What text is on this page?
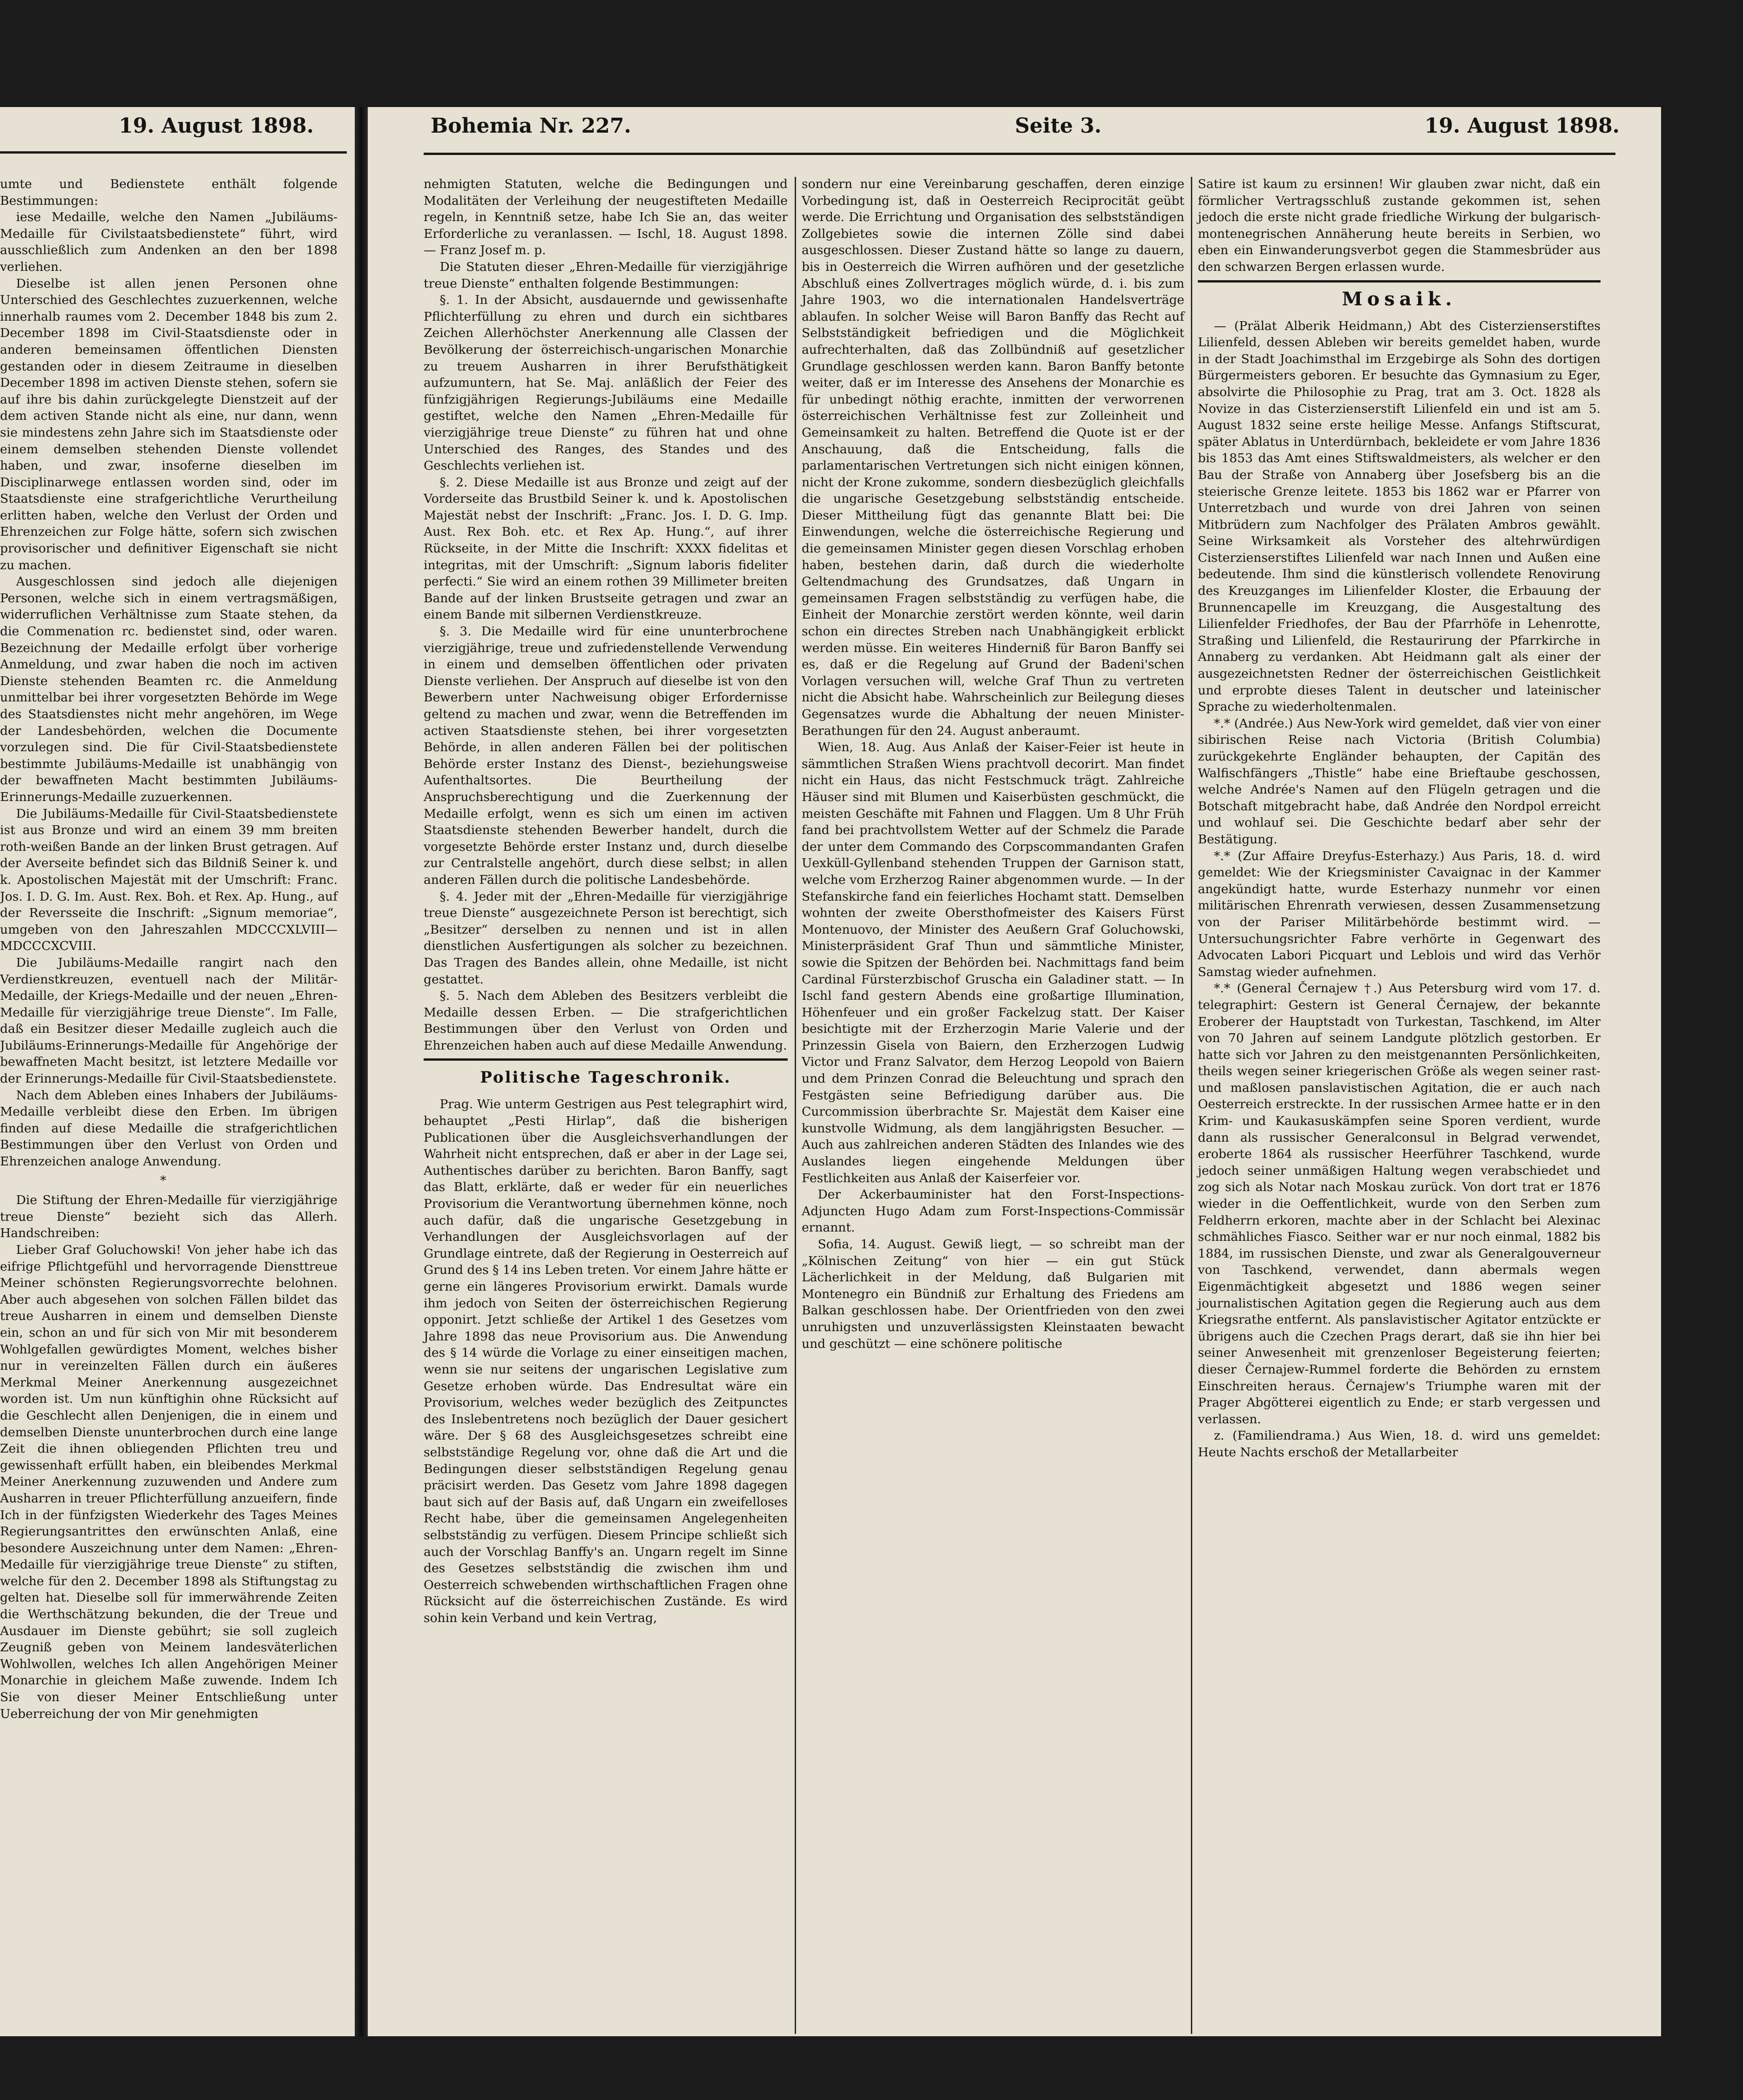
19. August 1898.

umte und Bedienstete enthält folgende Bestimmungen:

iese Medaille, welche den Namen „Jubiläums-Medaille für Civilstaatsbedienstete“ führt, wird ausschließlich zum Andenken an den ber 1898 verliehen.

Dieselbe ist allen jenen Personen ohne Unterschied des Geschlechtes zuzuerkennen, welche innerhalb raumes vom 2. December 1848 bis zum 2. December 1898 im Civil-Staatsdienste oder in anderen bemeinsamen öffentlichen Diensten gestanden oder in diesem Zeitraume in dieselben December 1898 im activen Dienste stehen, sofern sie auf ihre bis dahin zurückgelegte Dienstzeit auf der dem activen Stande nicht als eine, nur dann, wenn sie mindestens zehn Jahre sich im Staatsdienste oder einem demselben stehenden Dienste vollendet haben, und zwar, insoferne dieselben im Disciplinarwege entlassen worden sind, oder im Staatsdienste eine strafgerichtliche Verurtheilung erlitten haben, welche den Verlust der Orden und Ehrenzeichen zur Folge hätte, sofern sich zwischen provisorischer und definitiver Eigenschaft sie nicht zu machen.

Ausgeschlossen sind jedoch alle diejenigen Personen, welche sich in einem vertragsmäßigen, widerruflichen Verhältnisse zum Staate stehen, da die Commenation rc. bedienstet sind, oder waren. Bezeichnung der Medaille erfolgt über vorherige Anmeldung, und zwar haben die noch im activen Dienste stehenden Beamten rc. die Anmeldung unmittelbar bei ihrer vorgesetzten Behörde im Wege des Staatsdienstes nicht mehr angehören, im Wege der Landesbehörden, welchen die Documente vorzulegen sind. Die für Civil-Staatsbedienstete bestimmte Jubiläums-Medaille ist unabhängig von der bewaffneten Macht bestimmten Jubiläums-Erinnerungs-Medaille zuzuerkennen.

Die Jubiläums-Medaille für Civil-Staatsbedienstete ist aus Bronze und wird an einem 39 mm breiten roth-weißen Bande an der linken Brust getragen. Auf der Averseite befindet sich das Bildniß Seiner k. und k. Apostolischen Majestät mit der Umschrift: Franc. Jos. I. D. G. Im. Aust. Rex. Boh. et Rex. Ap. Hung., auf der Reversseite die Inschrift: „Signum memoriae“, umgeben von den Jahreszahlen MDCCCXLVIII—MDCCCXCVIII.

Die Jubiläums-Medaille rangirt nach den Verdienstkreuzen, eventuell nach der Militär-Medaille, der Kriegs-Medaille und der neuen „Ehren-Medaille für vierzigjährige treue Dienste“. Im Falle, daß ein Besitzer dieser Medaille zugleich auch die Jubiläums-Erinnerungs-Medaille für Angehörige der bewaffneten Macht besitzt, ist letztere Medaille vor der Erinnerungs-Medaille für Civil-Staatsbedienstete.

Nach dem Ableben eines Inhabers der Jubiläums-Medaille verbleibt diese den Erben. Im übrigen finden auf diese Medaille die strafgerichtlichen Bestimmungen über den Verlust von Orden und Ehrenzeichen analoge Anwendung.

*

Die Stiftung der Ehren-Medaille für vierzigjährige treue Dienste“ bezieht sich das Allerh. Handschreiben:

Lieber Graf Goluchowski! Von jeher habe ich das eifrige Pflichtgefühl und hervorragende Diensttreue Meiner schönsten Regierungsvorrechte belohnen. Aber auch abgesehen von solchen Fällen bildet das treue Ausharren in einem und demselben Dienste ein, schon an und für sich von Mir mit besonderem Wohlgefallen gewürdigtes Moment, welches bisher nur in vereinzelten Fällen durch ein äußeres Merkmal Meiner Anerkennung ausgezeichnet worden ist. Um nun künftighin ohne Rücksicht auf die Geschlecht allen Denjenigen, die in einem und demselben Dienste ununterbrochen durch eine lange Zeit die ihnen obliegenden Pflichten treu und gewissenhaft erfüllt haben, ein bleibendes Merkmal Meiner Anerkennung zuzuwenden und Andere zum Ausharren in treuer Pflichterfüllung anzueifern, finde Ich in der fünfzigsten Wiederkehr des Tages Meines Regierungsantrittes den erwünschten Anlaß, eine besondere Auszeichnung unter dem Namen: „Ehren-Medaille für vierzigjährige treue Dienste“ zu stiften, welche für den 2. December 1898 als Stiftungstag zu gelten hat. Dieselbe soll für immerwährende Zeiten die Werthschätzung bekunden, die der Treue und Ausdauer im Dienste gebührt; sie soll zugleich Zeugniß geben von Meinem landesväterlichen Wohlwollen, welches Ich allen Angehörigen Meiner Monarchie in gleichem Maße zuwende. Indem Ich Sie von dieser Meiner Entschließung unter Ueberreichung der von Mir genehmigten

Bohemia Nr. 227.	Seite 3.	19. August 1898.

nehmigten Statuten, welche die Bedingungen und Modalitäten der Verleihung der neugestifteten Medaille regeln, in Kenntniß setze, habe Ich Sie an, das weiter Erforderliche zu veranlassen. — Ischl, 18. August 1898. — Franz Josef m. p.

Die Statuten dieser „Ehren-Medaille für vierzigjährige treue Dienste“ enthalten folgende Bestimmungen:

§. 1. In der Absicht, ausdauernde und gewissenhafte Pflichterfüllung zu ehren und durch ein sichtbares Zeichen Allerhöchster Anerkennung alle Classen der Bevölkerung der österreichisch-ungarischen Monarchie zu treuem Ausharren in ihrer Berufsthätigkeit aufzumuntern, hat Se. Maj. anläßlich der Feier des fünfzigjährigen Regierungs-Jubiläums eine Medaille gestiftet, welche den Namen „Ehren-Medaille für vierzigjährige treue Dienste“ zu führen hat und ohne Unterschied des Ranges, des Standes und des Geschlechts verliehen ist.

§. 2. Diese Medaille ist aus Bronze und zeigt auf der Vorderseite das Brustbild Seiner k. und k. Apostolischen Majestät nebst der Inschrift: „Franc. Jos. I. D. G. Imp. Aust. Rex Boh. etc. et Rex Ap. Hung.“, auf ihrer Rückseite, in der Mitte die Inschrift: XXXX fidelitas et integritas, mit der Umschrift: „Signum laboris fideliter perfecti.“ Sie wird an einem rothen 39 Millimeter breiten Bande auf der linken Brustseite getragen und zwar an einem Bande mit silbernen Verdienstkreuze.

§. 3. Die Medaille wird für eine ununterbrochene vierzigjährige, treue und zufriedenstellende Verwendung in einem und demselben öffentlichen oder privaten Dienste verliehen. Der Anspruch auf dieselbe ist von den Bewerbern unter Nachweisung obiger Erfordernisse geltend zu machen und zwar, wenn die Betreffenden im activen Staatsdienste stehen, bei ihrer vorgesetzten Behörde, in allen anderen Fällen bei der politischen Behörde erster Instanz des Dienst-, beziehungsweise Aufenthaltsortes. Die Beurtheilung der Anspruchsberechtigung und die Zuerkennung der Medaille erfolgt, wenn es sich um einen im activen Staatsdienste stehenden Bewerber handelt, durch die vorgesetzte Behörde erster Instanz und, durch dieselbe zur Centralstelle angehört, durch diese selbst; in allen anderen Fällen durch die politische Landesbehörde.

§. 4. Jeder mit der „Ehren-Medaille für vierzigjährige treue Dienste“ ausgezeichnete Person ist berechtigt, sich „Besitzer“ derselben zu nennen und ist in allen dienstlichen Ausfertigungen als solcher zu bezeichnen. Das Tragen des Bandes allein, ohne Medaille, ist nicht gestattet.

§. 5. Nach dem Ableben des Besitzers verbleibt die Medaille dessen Erben. — Die strafgerichtlichen Bestimmungen über den Verlust von Orden und Ehrenzeichen haben auch auf diese Medaille Anwendung.

Politische Tageschronik.

Prag. Wie unterm Gestrigen aus Pest telegraphirt wird, behauptet „Pesti Hirlap“, daß die bisherigen Publicationen über die Ausgleichsverhandlungen der Wahrheit nicht entsprechen, daß er aber in der Lage sei, Authentisches darüber zu berichten. Baron Banffy, sagt das Blatt, erklärte, daß er weder für ein neuerliches Provisorium die Verantwortung übernehmen könne, noch auch dafür, daß die ungarische Gesetzgebung in Verhandlungen der Ausgleichsvorlagen auf der Grundlage eintrete, daß der Regierung in Oesterreich auf Grund des § 14 ins Leben treten. Vor einem Jahre hätte er gerne ein längeres Provisorium erwirkt. Damals wurde ihm jedoch von Seiten der österreichischen Regierung opponirt. Jetzt schließe der Artikel 1 des Gesetzes vom Jahre 1898 das neue Provisorium aus. Die Anwendung des § 14 würde die Vorlage zu einer einseitigen machen, wenn sie nur seitens der ungarischen Legislative zum Gesetze erhoben würde. Das Endresultat wäre ein Provisorium, welches weder bezüglich des Zeitpunctes des Inslebentretens noch bezüglich der Dauer gesichert wäre. Der § 68 des Ausgleichsgesetzes schreibt eine selbstständige Regelung vor, ohne daß die Art und die Bedingungen dieser selbstständigen Regelung genau präcisirt werden. Das Gesetz vom Jahre 1898 dagegen baut sich auf der Basis auf, daß Ungarn ein zweifelloses Recht habe, über die gemeinsamen Angelegenheiten selbstständig zu verfügen. Diesem Principe schließt sich auch der Vorschlag Banffy's an. Ungarn regelt im Sinne des Gesetzes selbstständig die zwischen ihm und Oesterreich schwebenden wirthschaftlichen Fragen ohne Rücksicht auf die österreichischen Zustände. Es wird sohin kein Verband und kein Vertrag,

sondern nur eine Vereinbarung geschaffen, deren einzige Vorbedingung ist, daß in Oesterreich Reciprocität geübt werde. Die Errichtung und Organisation des selbstständigen Zollgebietes sowie die internen Zölle sind dabei ausgeschlossen. Dieser Zustand hätte so lange zu dauern, bis in Oesterreich die Wirren aufhören und der gesetzliche Abschluß eines Zollvertrages möglich würde, d. i. bis zum Jahre 1903, wo die internationalen Handelsverträge ablaufen. In solcher Weise will Baron Banffy das Recht auf Selbstständigkeit befriedigen und die Möglichkeit aufrechterhalten, daß das Zollbündniß auf gesetzlicher Grundlage geschlossen werden kann. Baron Banffy betonte weiter, daß er im Interesse des Ansehens der Monarchie es für unbedingt nöthig erachte, inmitten der verworrenen österreichischen Verhältnisse fest zur Zolleinheit und Gemeinsamkeit zu halten. Betreffend die Quote ist er der Anschauung, daß die Entscheidung, falls die parlamentarischen Vertretungen sich nicht einigen können, nicht der Krone zukomme, sondern diesbezüglich gleichfalls die ungarische Gesetzgebung selbstständig entscheide. Dieser Mittheilung fügt das genannte Blatt bei: Die Einwendungen, welche die österreichische Regierung und die gemeinsamen Minister gegen diesen Vorschlag erhoben haben, bestehen darin, daß durch die wiederholte Geltendmachung des Grundsatzes, daß Ungarn in gemeinsamen Fragen selbstständig zu verfügen habe, die Einheit der Monarchie zerstört werden könnte, weil darin schon ein directes Streben nach Unabhängigkeit erblickt werden müsse. Ein weiteres Hinderniß für Baron Banffy sei es, daß er die Regelung auf Grund der Badeni'schen Vorlagen versuchen will, welche Graf Thun zu vertreten nicht die Absicht habe. Wahrscheinlich zur Beilegung dieses Gegensatzes wurde die Abhaltung der neuen Minister-Berathungen für den 24. August anberaumt.

Wien, 18. Aug. Aus Anlaß der Kaiser-Feier ist heute in sämmtlichen Straßen Wiens prachtvoll decorirt. Man findet nicht ein Haus, das nicht Festschmuck trägt. Zahlreiche Häuser sind mit Blumen und Kaiserbüsten geschmückt, die meisten Geschäfte mit Fahnen und Flaggen. Um 8 Uhr Früh fand bei prachtvollstem Wetter auf der Schmelz die Parade der unter dem Commando des Corpscommandanten Grafen Uexküll-Gyllenband stehenden Truppen der Garnison statt, welche vom Erzherzog Rainer abgenommen wurde. — In der Stefanskirche fand ein feierliches Hochamt statt. Demselben wohnten der zweite Obersthofmeister des Kaisers Fürst Montenuovo, der Minister des Aeußern Graf Goluchowski, Ministerpräsident Graf Thun und sämmtliche Minister, sowie die Spitzen der Behörden bei. Nachmittags fand beim Cardinal Fürsterzbischof Gruscha ein Galadiner statt. — In Ischl fand gestern Abends eine großartige Illumination, Höhenfeuer und ein großer Fackelzug statt. Der Kaiser besichtigte mit der Erzherzogin Marie Valerie und der Prinzessin Gisela von Baiern, den Erzherzogen Ludwig Victor und Franz Salvator, dem Herzog Leopold von Baiern und dem Prinzen Conrad die Beleuchtung und sprach den Festgästen seine Befriedigung darüber aus. Die Curcommission überbrachte Sr. Majestät dem Kaiser eine kunstvolle Widmung, als dem langjährigsten Besucher. — Auch aus zahlreichen anderen Städten des Inlandes wie des Auslandes liegen eingehende Meldungen über Festlichkeiten aus Anlaß der Kaiserfeier vor.

Der Ackerbauminister hat den Forst-Inspections-Adjuncten Hugo Adam zum Forst-Inspections-Commissär ernannt.

Sofia, 14. August. Gewiß liegt, — so schreibt man der „Kölnischen Zeitung“ von hier — ein gut Stück Lächerlichkeit in der Meldung, daß Bulgarien mit Montenegro ein Bündniß zur Erhaltung des Friedens am Balkan geschlossen habe. Der Orientfrieden von den zwei unruhigsten und unzuverlässigsten Kleinstaaten bewacht und geschützt — eine schönere politische

Satire ist kaum zu ersinnen! Wir glauben zwar nicht, daß ein förmlicher Vertragsschluß zustande gekommen ist, sehen jedoch die erste nicht grade friedliche Wirkung der bulgarisch-montenegrischen Annäherung heute bereits in Serbien, wo eben ein Einwanderungsverbot gegen die Stammesbrüder aus den schwarzen Bergen erlassen wurde.

Mosaik.

— (Prälat Alberik Heidmann,) Abt des Cisterzienserstiftes Lilienfeld, dessen Ableben wir bereits gemeldet haben, wurde in der Stadt Joachimsthal im Erzgebirge als Sohn des dortigen Bürgermeisters geboren. Er besuchte das Gymnasium zu Eger, absolvirte die Philosophie zu Prag, trat am 3. Oct. 1828 als Novize in das Cisterzienserstift Lilienfeld ein und ist am 5. August 1832 seine erste heilige Messe. Anfangs Stiftscurat, später Ablatus in Unterdürnbach, bekleidete er vom Jahre 1836 bis 1853 das Amt eines Stiftswaldmeisters, als welcher er den Bau der Straße von Annaberg über Josefsberg bis an die steierische Grenze leitete. 1853 bis 1862 war er Pfarrer von Unterretzbach und wurde von drei Jahren von seinen Mitbrüdern zum Nachfolger des Prälaten Ambros gewählt. Seine Wirksamkeit als Vorsteher des altehrwürdigen Cisterzienserstiftes Lilienfeld war nach Innen und Außen eine bedeutende. Ihm sind die künstlerisch vollendete Renovirung des Kreuzganges im Lilienfelder Kloster, die Erbauung der Brunnencapelle im Kreuzgang, die Ausgestaltung des Lilienfelder Friedhofes, der Bau der Pfarrhöfe in Lehenrotte, Straßing und Lilienfeld, die Restaurirung der Pfarrkirche in Annaberg zu verdanken. Abt Heidmann galt als einer der ausgezeichnetsten Redner der österreichischen Geistlichkeit und erprobte dieses Talent in deutscher und lateinischer Sprache zu wiederholtenmalen.

*.* (Andrée.) Aus New-York wird gemeldet, daß vier von einer sibirischen Reise nach Victoria (British Columbia) zurückgekehrte Engländer behaupten, der Capitän des Walfischfängers „Thistle“ habe eine Brieftaube geschossen, welche Andrée's Namen auf den Flügeln getragen und die Botschaft mitgebracht habe, daß Andrée den Nordpol erreicht und wohlauf sei. Die Geschichte bedarf aber sehr der Bestätigung.

*.* (Zur Affaire Dreyfus-Esterhazy.) Aus Paris, 18. d. wird gemeldet: Wie der Kriegsminister Cavaignac in der Kammer angekündigt hatte, wurde Esterhazy nunmehr vor einen militärischen Ehrenrath verwiesen, dessen Zusammensetzung von der Pariser Militärbehörde bestimmt wird. — Untersuchungsrichter Fabre verhörte in Gegenwart des Advocaten Labori Picquart und Leblois und wird das Verhör Samstag wieder aufnehmen.

*.* (General Černajew †.) Aus Petersburg wird vom 17. d. telegraphirt: Gestern ist General Černajew, der bekannte Eroberer der Hauptstadt von Turkestan, Taschkend, im Alter von 70 Jahren auf seinem Landgute plötzlich gestorben. Er hatte sich vor Jahren zu den meistgenannten Persönlichkeiten, theils wegen seiner kriegerischen Größe als wegen seiner rast- und maßlosen panslavistischen Agitation, die er auch nach Oesterreich erstreckte. In der russischen Armee hatte er in den Krim- und Kaukasuskämpfen seine Sporen verdient, wurde dann als russischer Generalconsul in Belgrad verwendet, eroberte 1864 als russischer Heerführer Taschkend, wurde jedoch seiner unmäßigen Haltung wegen verabschiedet und zog sich als Notar nach Moskau zurück. Von dort trat er 1876 wieder in die Oeffentlichkeit, wurde von den Serben zum Feldherrn erkoren, machte aber in der Schlacht bei Alexinac schmähliches Fiasco. Seither war er nur noch einmal, 1882 bis 1884, im russischen Dienste, und zwar als Generalgouverneur von Taschkend, verwendet, dann abermals wegen Eigenmächtigkeit abgesetzt und 1886 wegen seiner journalistischen Agitation gegen die Regierung auch aus dem Kriegsrathe entfernt. Als panslavistischer Agitator entzückte er übrigens auch die Czechen Prags derart, daß sie ihn hier bei seiner Anwesenheit mit grenzenloser Begeisterung feierten; dieser Černajew-Rummel forderte die Behörden zu ernstem Einschreiten heraus. Černajew's Triumphe waren mit der Prager Abgötterei eigentlich zu Ende; er starb vergessen und verlassen.

z. (Familiendrama.) Aus Wien, 18. d. wird uns gemeldet: Heute Nachts erschoß der Metallarbeiter
